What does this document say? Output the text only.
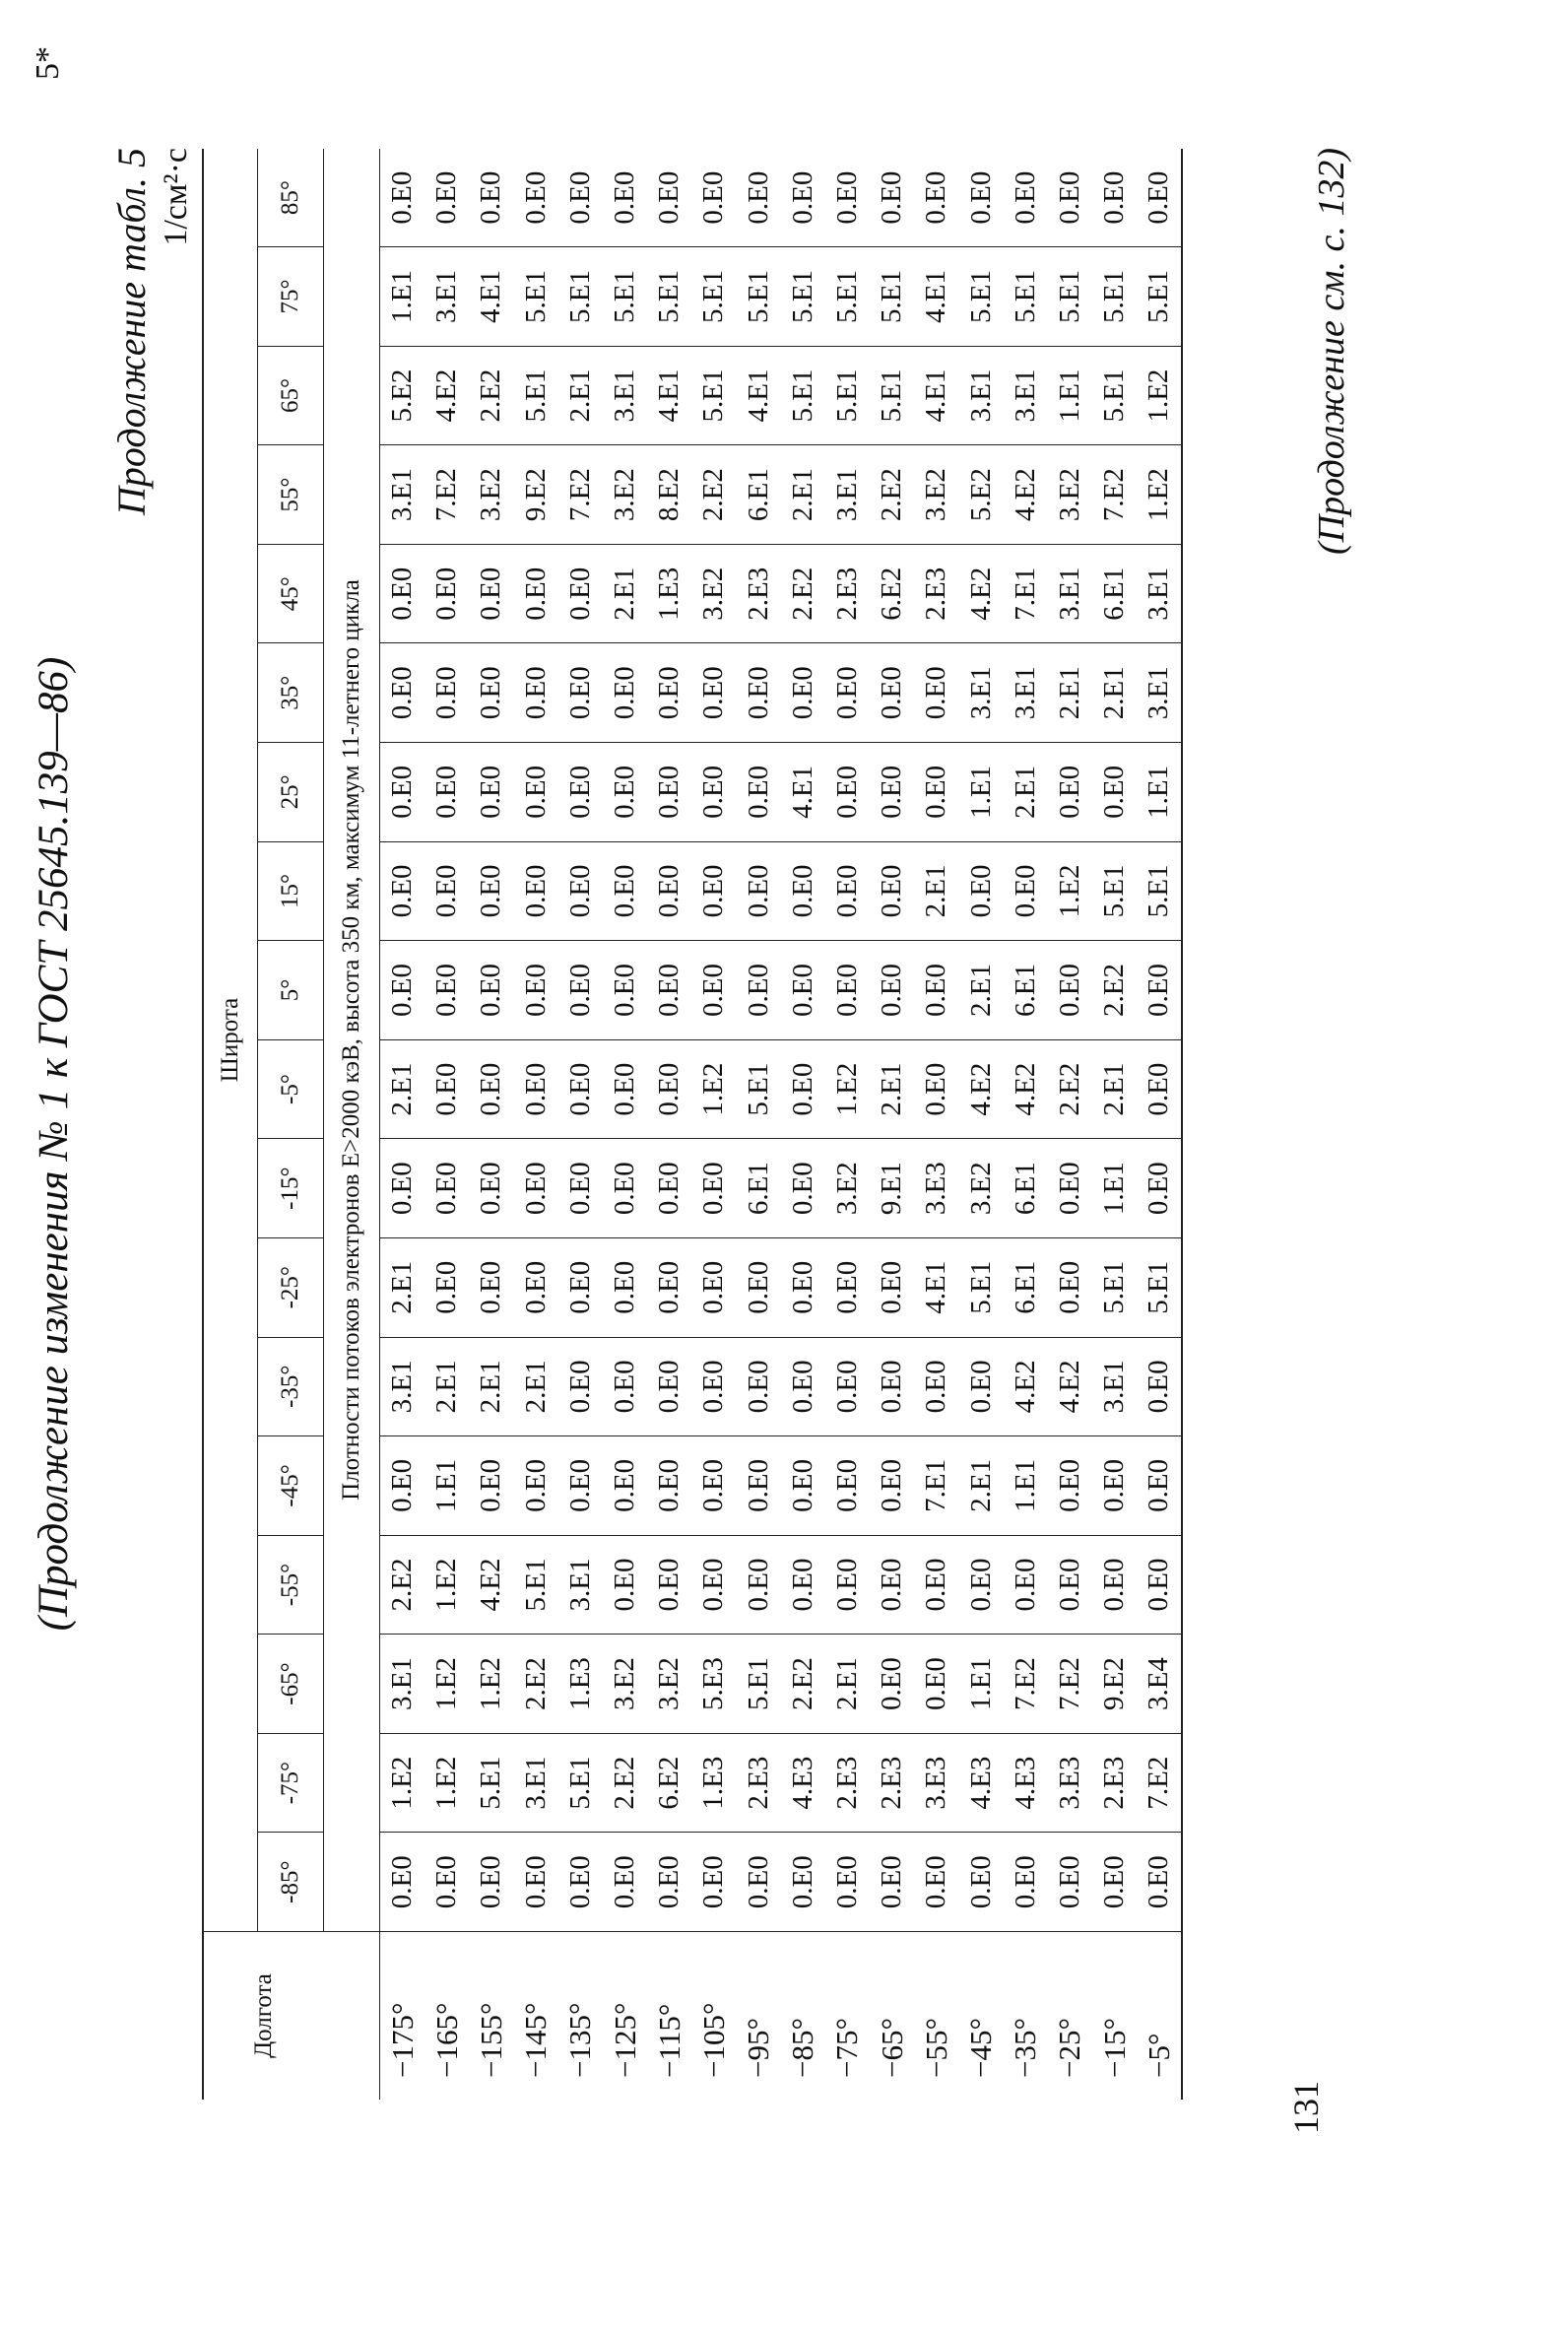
(Продолжение изменения № 1 к ГОСТ 25645.139—86)
Продолжение табл. 5 1/см²·с
Долгота	Широта																	
	-85°	-75°	-65°	-55°	-45°	-35°	-25°	-15°	-5°	5°	15°	25°	35°	45°	55°	65°	75°	85°
	Плотности потоков электронов E>2000 кэВ, высота 350 км, максимум 11-летнего цикла																	
−175°	0.E0	1.E2	3.E1	2.E2	0.E0	3.E1	2.E1	0.E0	2.E1	0.E0	0.E0	0.E0	0.E0	0.E0	3.E1	5.E2	1.E1	0.E0
−165°	0.E0	1.E2	1.E2	1.E2	1.E1	2.E1	0.E0	0.E0	0.E0	0.E0	0.E0	0.E0	0.E0	0.E0	7.E2	4.E2	3.E1	0.E0
−155°	0.E0	5.E1	1.E2	4.E2	0.E0	2.E1	0.E0	0.E0	0.E0	0.E0	0.E0	0.E0	0.E0	0.E0	3.E2	2.E2	4.E1	0.E0
−145°	0.E0	3.E1	2.E2	5.E1	0.E0	2.E1	0.E0	0.E0	0.E0	0.E0	0.E0	0.E0	0.E0	0.E0	9.E2	5.E1	5.E1	0.E0
−135°	0.E0	5.E1	1.E3	3.E1	0.E0	0.E0	0.E0	0.E0	0.E0	0.E0	0.E0	0.E0	0.E0	0.E0	7.E2	2.E1	5.E1	0.E0
−125°	0.E0	2.E2	3.E2	0.E0	0.E0	0.E0	0.E0	0.E0	0.E0	0.E0	0.E0	0.E0	0.E0	2.E1	3.E2	3.E1	5.E1	0.E0
−115°	0.E0	6.E2	3.E2	0.E0	0.E0	0.E0	0.E0	0.E0	0.E0	0.E0	0.E0	0.E0	0.E0	1.E3	8.E2	4.E1	5.E1	0.E0
−105°	0.E0	1.E3	5.E3	0.E0	0.E0	0.E0	0.E0	0.E0	1.E2	0.E0	0.E0	0.E0	0.E0	3.E2	2.E2	5.E1	5.E1	0.E0
−95°	0.E0	2.E3	5.E1	0.E0	0.E0	0.E0	0.E0	6.E1	5.E1	0.E0	0.E0	0.E0	0.E0	2.E3	6.E1	4.E1	5.E1	0.E0
−85°	0.E0	4.E3	2.E2	0.E0	0.E0	0.E0	0.E0	0.E0	0.E0	0.E0	0.E0	4.E1	0.E0	2.E2	2.E1	5.E1	5.E1	0.E0
−75°	0.E0	2.E3	2.E1	0.E0	0.E0	0.E0	0.E0	3.E2	1.E2	0.E0	0.E0	0.E0	0.E0	2.E3	3.E1	5.E1	5.E1	0.E0
−65°	0.E0	2.E3	0.E0	0.E0	0.E0	0.E0	0.E0	9.E1	2.E1	0.E0	0.E0	0.E0	0.E0	6.E2	2.E2	5.E1	5.E1	0.E0
−55°	0.E0	3.E3	0.E0	0.E0	7.E1	0.E0	4.E1	3.E3	0.E0	0.E0	2.E1	0.E0	0.E0	2.E3	3.E2	4.E1	4.E1	0.E0
−45°	0.E0	4.E3	1.E1	0.E0	2.E1	0.E0	5.E1	3.E2	4.E2	2.E1	0.E0	1.E1	3.E1	4.E2	5.E2	3.E1	5.E1	0.E0
−35°	0.E0	4.E3	7.E2	0.E0	1.E1	4.E2	6.E1	6.E1	4.E2	6.E1	0.E0	2.E1	3.E1	7.E1	4.E2	3.E1	5.E1	0.E0
−25°	0.E0	3.E3	7.E2	0.E0	0.E0	4.E2	0.E0	0.E0	2.E2	0.E0	1.E2	0.E0	2.E1	3.E1	3.E2	1.E1	5.E1	0.E0
−15°	0.E0	2.E3	9.E2	0.E0	0.E0	3.E1	5.E1	1.E1	2.E1	2.E2	5.E1	0.E0	2.E1	6.E1	7.E2	5.E1	5.E1	0.E0
−5°	0.E0	7.E2	3.E4	0.E0	0.E0	0.E0	5.E1	0.E0	0.E0	0.E0	5.E1	1.E1	3.E1	3.E1	1.E2	1.E2	5.E1	0.E0	(Продолжение см. с. 132)
131
5*
